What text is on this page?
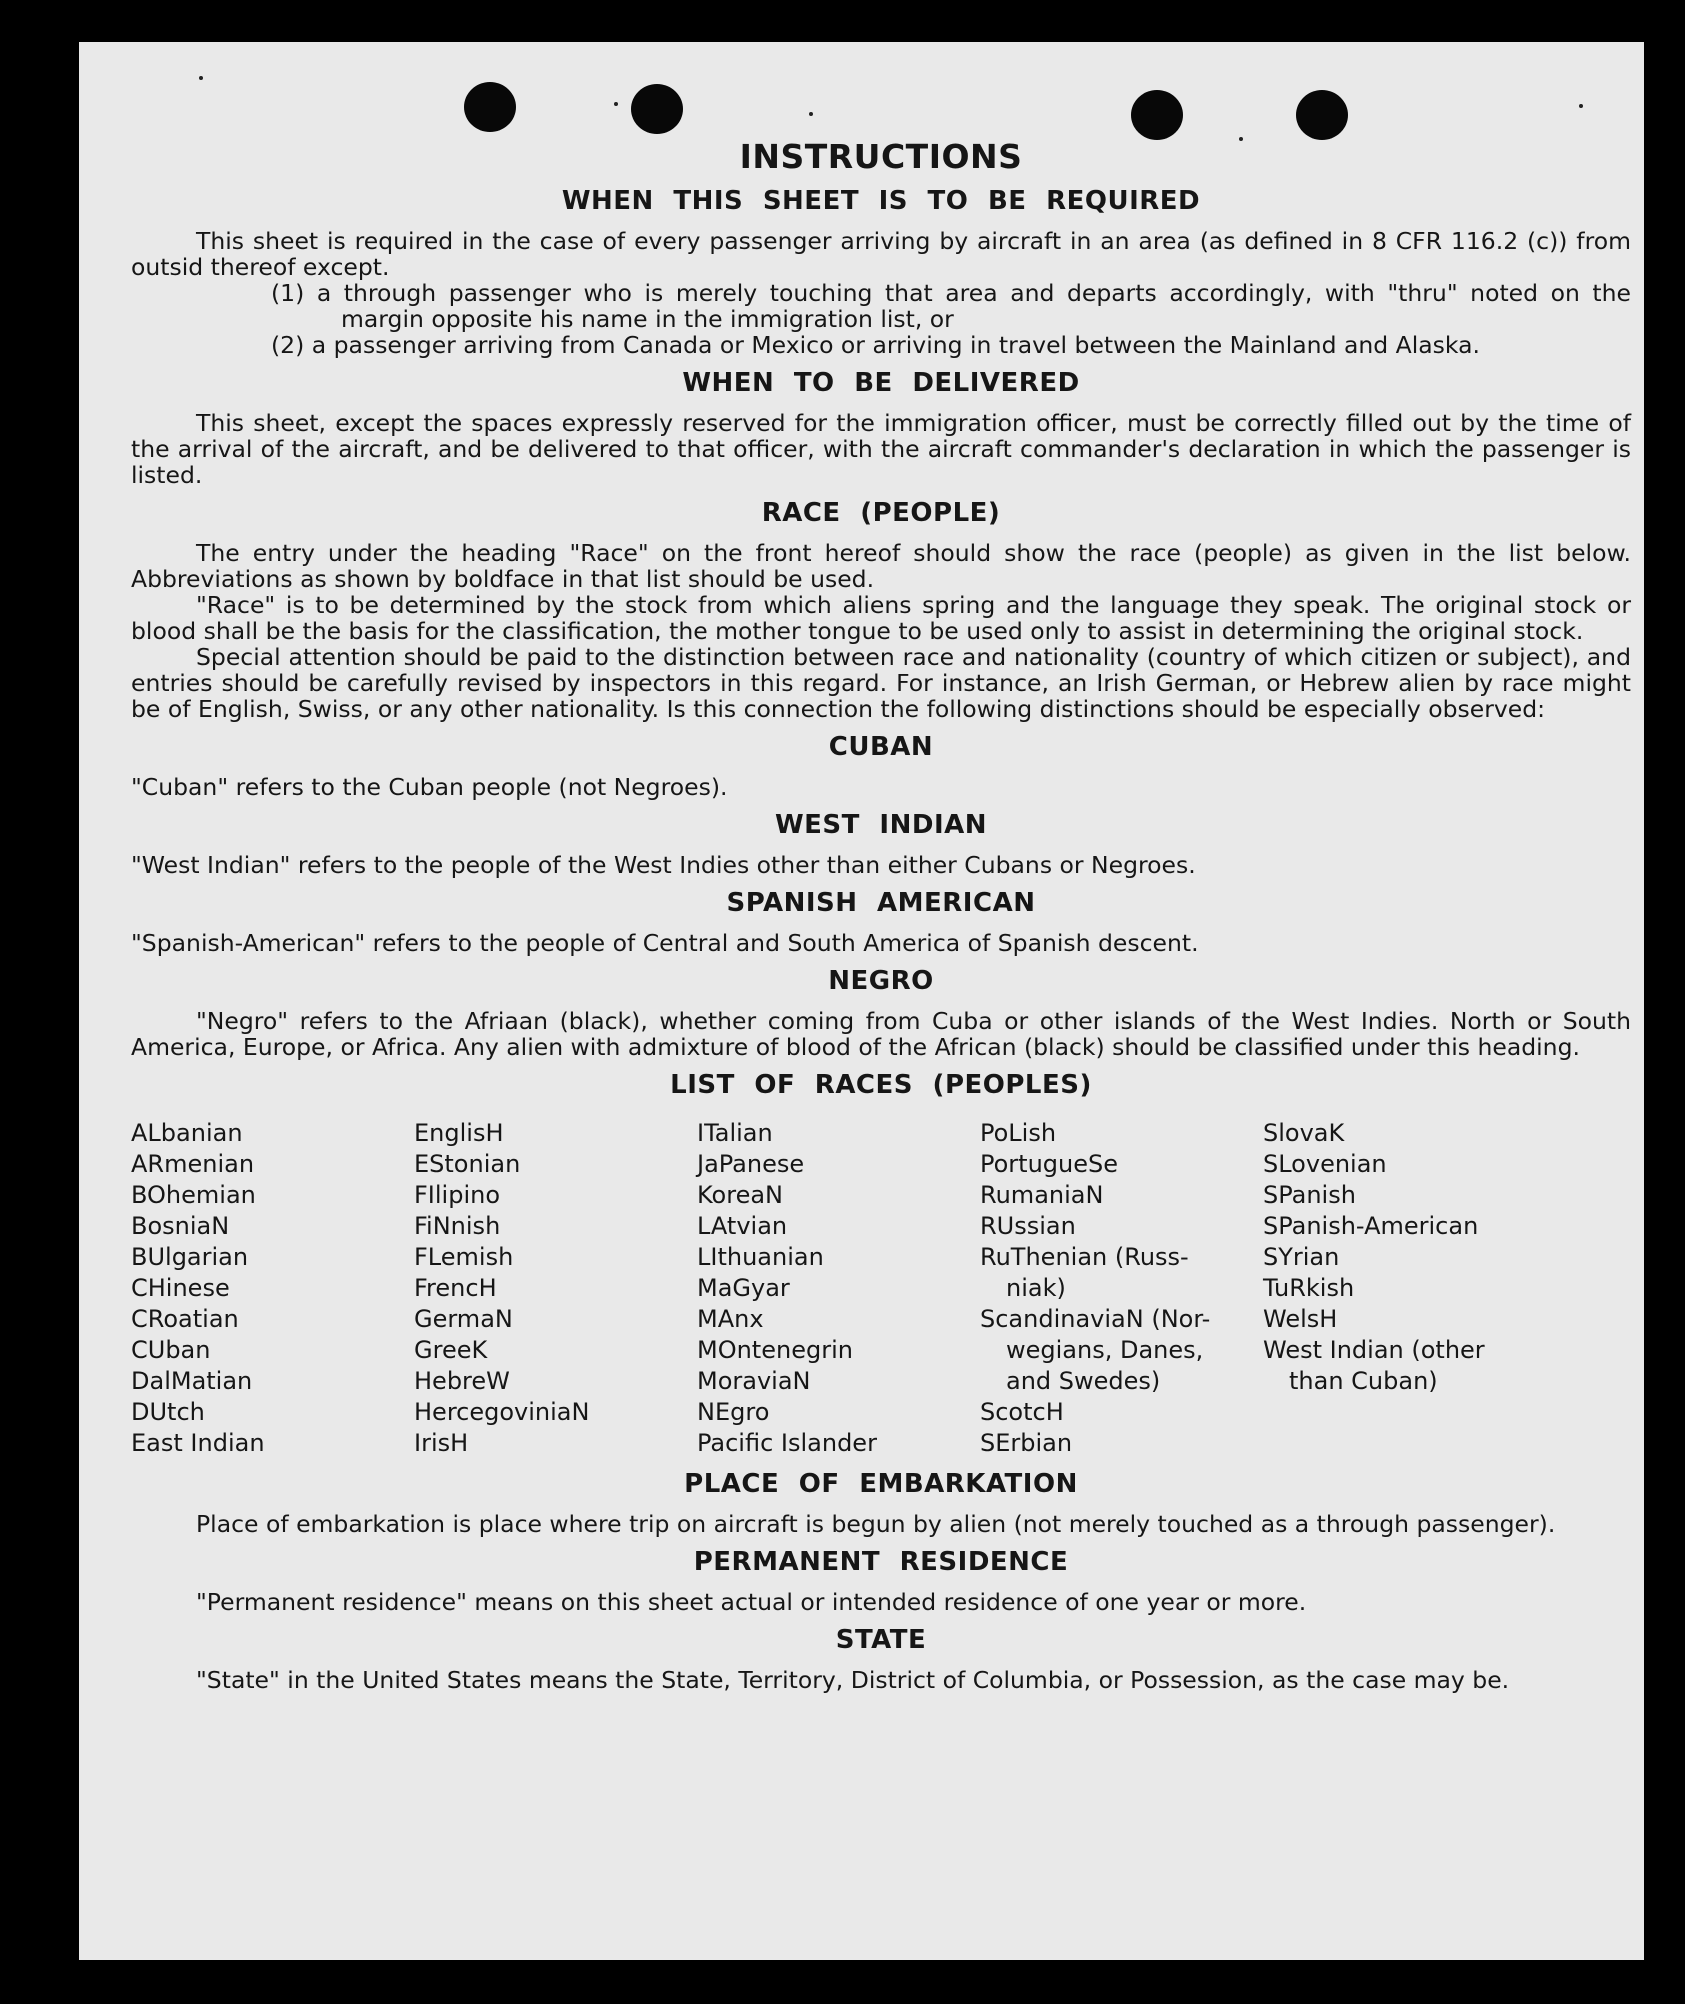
INSTRUCTIONS
WHEN THIS SHEET IS TO BE REQUIRED

This sheet is required in the case of every passenger arriving by aircraft in an area (as defined in 8 CFR 116.2 (c)) from outsid thereof except.

(1) a through passenger who is merely touching that area and departs accordingly, with "thru" noted on the margin opposite his name in the immigration list, or

(2) a passenger arriving from Canada or Mexico or arriving in travel between the Mainland and Alaska.

WHEN TO BE DELIVERED

This sheet, except the spaces expressly reserved for the immigration officer, must be correctly filled out by the time of the arrival of the aircraft, and be delivered to that officer, with the aircraft commander's declaration in which the passenger is listed.

RACE (PEOPLE)

The entry under the heading "Race" on the front hereof should show the race (people) as given in the list below. Abbreviations as shown by boldface in that list should be used.

"Race" is to be determined by the stock from which aliens spring and the language they speak. The original stock or blood shall be the basis for the classification, the mother tongue to be used only to assist in determining the original stock.

Special attention should be paid to the distinction between race and nationality (country of which citizen or subject), and entries should be carefully revised by inspectors in this regard. For instance, an Irish German, or Hebrew alien by race might be of English, Swiss, or any other nationality. Is this connection the following distinctions should be especially observed:

CUBAN

"Cuban" refers to the Cuban people (not Negroes).

WEST INDIAN

"West Indian" refers to the people of the West Indies other than either Cubans or Negroes.

SPANISH AMERICAN

"Spanish-American" refers to the people of Central and South America of Spanish descent.

NEGRO

"Negro" refers to the Afriaan (black), whether coming from Cuba or other islands of the West Indies. North or South America, Europe, or Africa. Any alien with admixture of blood of the African (black) should be classified under this heading.

LIST OF RACES (PEOPLES)
ALbanian
ARmenian
BOhemian
BosniaN
BUlgarian
CHinese
CRoatian
CUban
DalMatian
DUtch
East Indian
EnglisH
EStonian
FIlipino
FiNnish
FLemish
FrencH
GermaN
GreeK
HebreW
HercegoviniaN
IrisH
ITalian
JaPanese
KoreaN
LAtvian
LIthuanian
MaGyar
MAnx
MOntenegrin
MoraviaN
NEgro
Pacific Islander
PoLish
PortugueSe
RumaniaN
RUssian
RuThenian (Russ-
niak)
ScandinaviaN (Nor-
wegians, Danes,
and Swedes)
ScotcH
SErbian
SlovaK
SLovenian
SPanish
SPanish-American
SYrian
TuRkish
WelsH
West Indian (other
than Cuban)
PLACE OF EMBARKATION

Place of embarkation is place where trip on aircraft is begun by alien (not merely touched as a through passenger).

PERMANENT RESIDENCE

"Permanent residence" means on this sheet actual or intended residence of one year or more.

STATE

"State" in the United States means the State, Territory, District of Columbia, or Possession, as the case may be.
